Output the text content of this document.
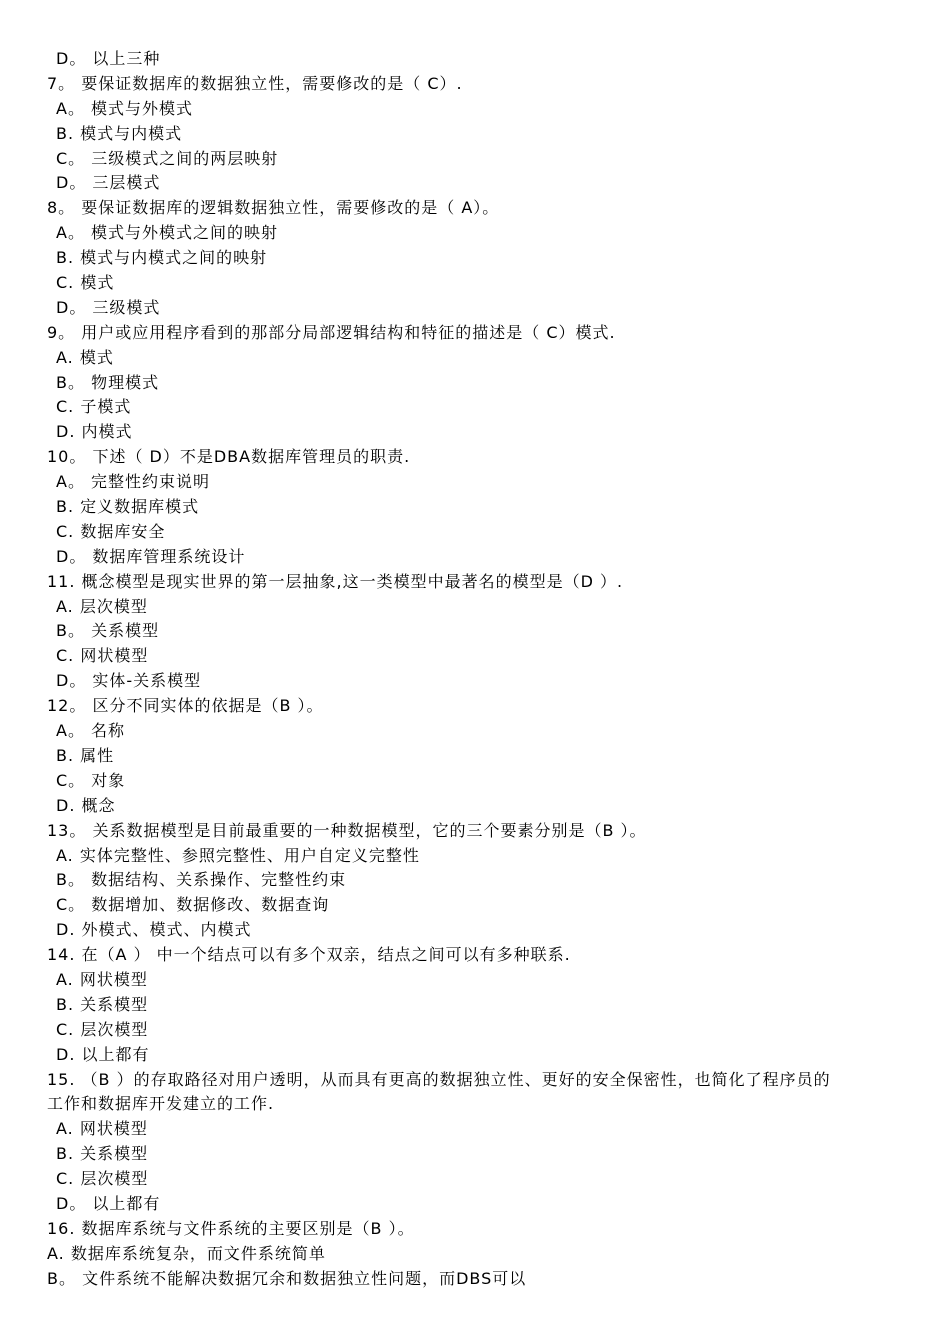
D。 以上三种
7。 要保证数据库的数据独立性，需要修改的是（ C）.
A。 模式与外模式
B. 模式与内模式
C。 三级模式之间的两层映射
D。 三层模式
8。 要保证数据库的逻辑数据独立性，需要修改的是（ A）。
A。 模式与外模式之间的映射
B. 模式与内模式之间的映射
C. 模式
D。 三级模式
9。 用户或应用程序看到的那部分局部逻辑结构和特征的描述是（ C）模式.
A. 模式
B。 物理模式
C. 子模式
D. 内模式
10。 下述（ D）不是DBA数据库管理员的职责.
A。 完整性约束说明
B. 定义数据库模式
C. 数据库安全
D。 数据库管理系统设计
11. 概念模型是现实世界的第一层抽象,这一类模型中最著名的模型是（D ）.
A. 层次模型
B。 关系模型
C. 网状模型
D。 实体-关系模型
12。 区分不同实体的依据是（B ）。
A。 名称
B. 属性
C。 对象
D. 概念
13。 关系数据模型是目前最重要的一种数据模型，它的三个要素分别是（B ）。
A. 实体完整性、参照完整性、用户自定义完整性
B。 数据结构、关系操作、完整性约束
C。 数据增加、数据修改、数据查询
D. 外模式、模式、内模式
14. 在（A ） 中一个结点可以有多个双亲，结点之间可以有多种联系.
A. 网状模型
B. 关系模型
C. 层次模型
D. 以上都有
15. （B ）的存取路径对用户透明，从而具有更高的数据独立性、更好的安全保密性，也简化了程序员的
工作和数据库开发建立的工作.
A. 网状模型
B. 关系模型
C. 层次模型
D。 以上都有
16. 数据库系统与文件系统的主要区别是（B ）。
A. 数据库系统复杂，而文件系统简单
B。 文件系统不能解决数据冗余和数据独立性问题，而DBS可以
